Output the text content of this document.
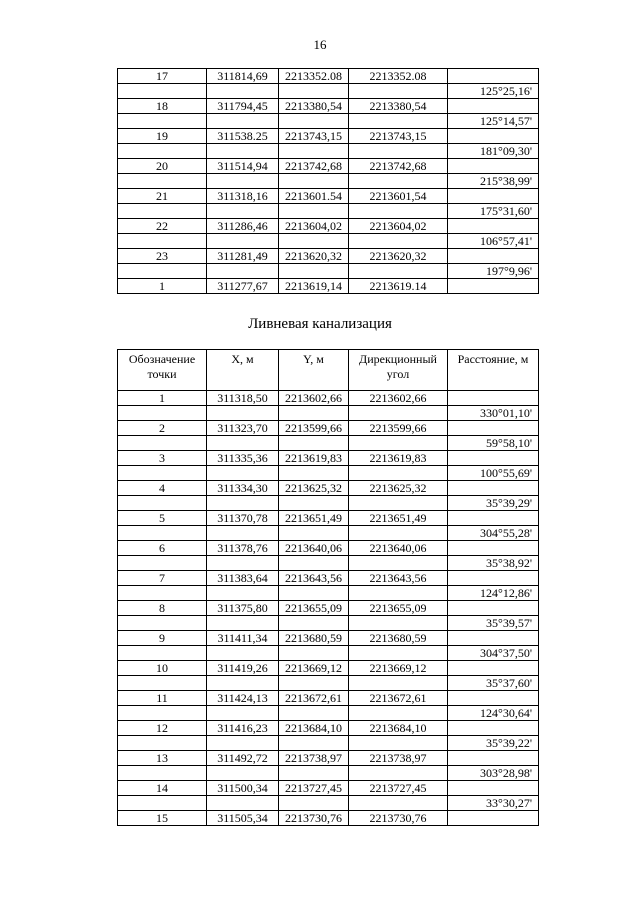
16
17	311814,69	2213352.08	2213352.08	
				125°25,16'
18	311794,45	2213380,54	2213380,54	
				125°14,57'
19	311538.25	2213743,15	2213743,15	
				181°09,30'
20	311514,94	2213742,68	2213742,68	
				215°38,99'
21	311318,16	2213601.54	2213601,54	
				175°31,60'
22	311286,46	2213604,02	2213604,02	
				106°57,41'
23	311281,49	2213620,32	2213620,32	
				197°9,96'
1	311277,67	2213619,14	2213619.14	
Ливневая канализация
Обозначение точки	X, м	Y, м	Дирекционный угол	Расстояние, м
1	311318,50	2213602,66	2213602,66	
				330°01,10'
2	311323,70	2213599,66	2213599,66	
				59°58,10'
3	311335,36	2213619,83	2213619,83	
				100°55,69'
4	311334,30	2213625,32	2213625,32	
				35°39,29'
5	311370,78	2213651,49	2213651,49	
				304°55,28'
6	311378,76	2213640,06	2213640,06	
				35°38,92'
7	311383,64	2213643,56	2213643,56	
				124°12,86'
8	311375,80	2213655,09	2213655,09	
				35°39,57'
9	311411,34	2213680,59	2213680,59	
				304°37,50'
10	311419,26	2213669,12	2213669,12	
				35°37,60'
11	311424,13	2213672,61	2213672,61	
				124°30,64'
12	311416,23	2213684,10	2213684,10	
				35°39,22'
13	311492,72	2213738,97	2213738,97	
				303°28,98'
14	311500,34	2213727,45	2213727,45	
				33°30,27'
15	311505,34	2213730,76	2213730,76	
